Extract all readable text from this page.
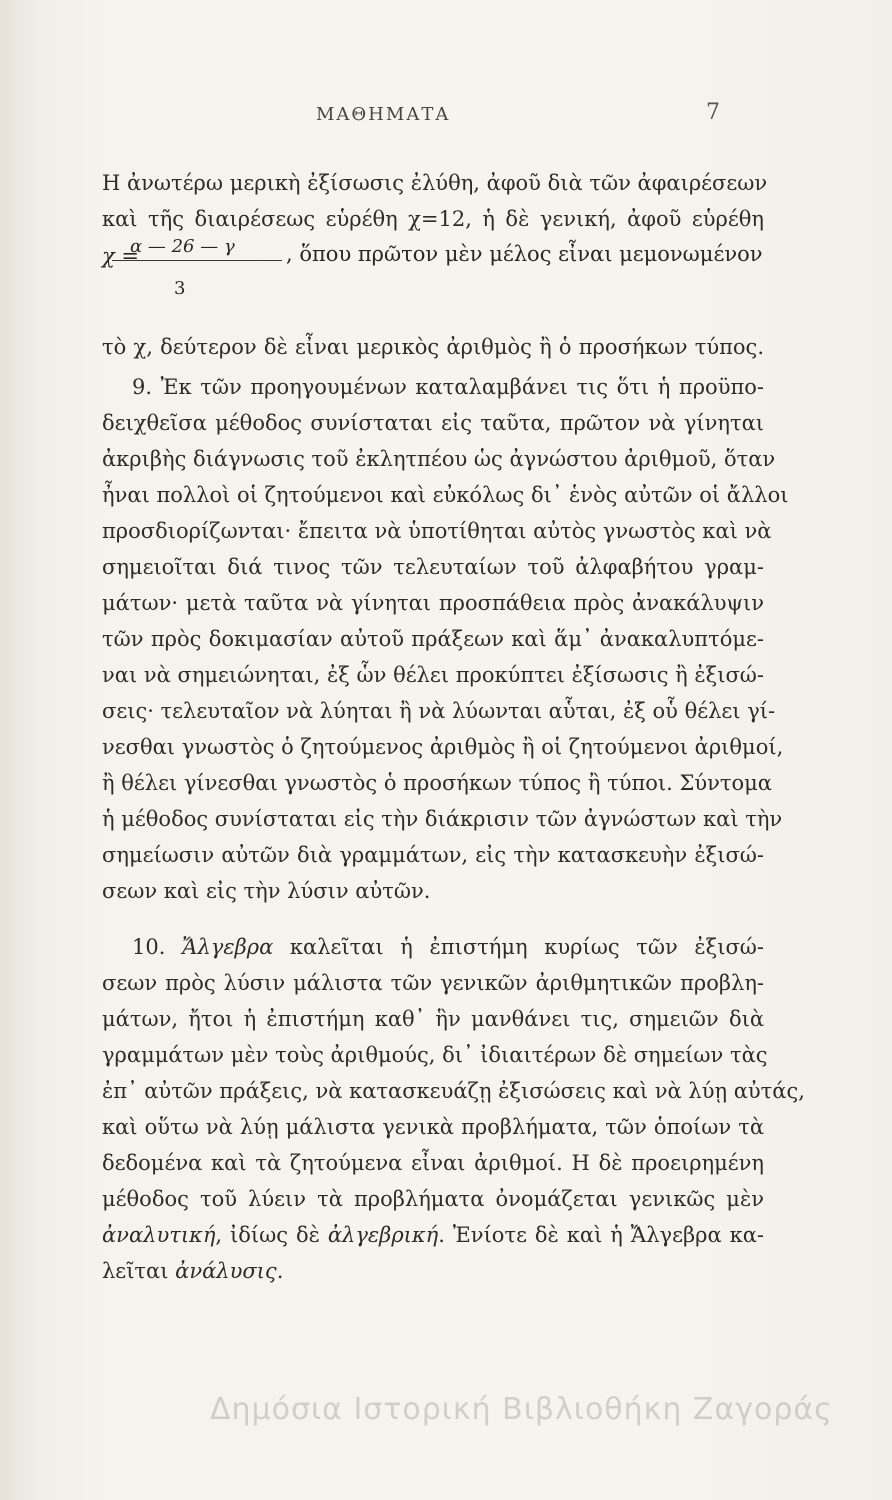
ΜΑΘΗΜΑΤΑ	7
Η ἀνωτέρω μερικὴ ἐξίσωσις ἐλύθη, ἀφοῦ διὰ τῶν ἀφαιρέσεων
καὶ τῆς διαιρέσεως εὑρέθη χ=12, ἡ δὲ γενική, ἀφοῦ εὑρέθη
α — 26 — γ
χ =	, ὅπου πρῶτον μὲν μέλος εἶναι μεμονωμένον
3
τὸ χ, δεύτερον δὲ εἶναι μερικὸς ἀριθμὸς ἢ ὁ προσήκων τύπος.
9. Ἐκ τῶν προηγουμένων καταλαμβάνει τις ὅτι ἡ προϋπο-
δειχθεῖσα μέθοδος συνίσταται εἰς ταῦτα, πρῶτον νὰ γίνηται
ἀκριβὴς διάγνωσις τοῦ ἐκλητπέου ὡς ἀγνώστου ἀριθμοῦ, ὅταν
ἦναι πολλοὶ οἱ ζητούμενοι καὶ εὐκόλως δι᾽ ἑνὸς αὐτῶν οἱ ἄλλοι
προσδιορίζωνται· ἔπειτα νὰ ὑποτίθηται αὐτὸς γνωστὸς καὶ νὰ
σημειοῖται διά τινος τῶν τελευταίων τοῦ ἀλφαβήτου γραμ-
μάτων· μετὰ ταῦτα νὰ γίνηται προσπάθεια πρὸς ἀνακάλυψιν
τῶν πρὸς δοκιμασίαν αὐτοῦ πράξεων καὶ ἅμ᾽ ἀνακαλυπτόμε-
ναι νὰ σημειώνηται, ἐξ ὧν θέλει προκύπτει ἐξίσωσις ἢ ἐξισώ-
σεις· τελευταῖον νὰ λύηται ἢ νὰ λύωνται αὗται, ἐξ οὗ θέλει γί-
νεσθαι γνωστὸς ὁ ζητούμενος ἀριθμὸς ἢ οἱ ζητούμενοι ἀριθμοί,
ἢ θέλει γίνεσθαι γνωστὸς ὁ προσήκων τύπος ἢ τύποι. Σύντομα
ἡ μέθοδος συνίσταται εἰς τὴν διάκρισιν τῶν ἀγνώστων καὶ τὴν
σημείωσιν αὐτῶν διὰ γραμμάτων, εἰς τὴν κατασκευὴν ἐξισώ-
σεων καὶ εἰς τὴν λύσιν αὐτῶν.
10. Ἄλγεβρα καλεῖται ἡ ἐπιστήμη κυρίως τῶν ἐξισώ-
σεων πρὸς λύσιν μάλιστα τῶν γενικῶν ἀριθμητικῶν προβλη-
μάτων, ἤτοι ἡ ἐπιστήμη καθ᾽ ἣν μανθάνει τις, σημειῶν διὰ
γραμμάτων μὲν τοὺς ἀριθμούς, δι᾽ ἰδιαιτέρων δὲ σημείων τὰς
ἐπ᾽ αὐτῶν πράξεις, νὰ κατασκευάζῃ ἐξισώσεις καὶ νὰ λύῃ αὐτάς,
καὶ οὕτω νὰ λύῃ μάλιστα γενικὰ προβλήματα, τῶν ὁποίων τὰ
δεδομένα καὶ τὰ ζητούμενα εἶναι ἀριθμοί. Η δὲ προειρημένη
μέθοδος τοῦ λύειν τὰ προβλήματα ὀνομάζεται γενικῶς μὲν
ἀναλυτική, ἰδίως δὲ ἀλγεβρική. Ἐνίοτε δὲ καὶ ἡ Ἄλγεβρα κα-
λεῖται ἀνάλυσις.
Δημόσια Ιστορική Βιβλιοθήκη Ζαγοράς
